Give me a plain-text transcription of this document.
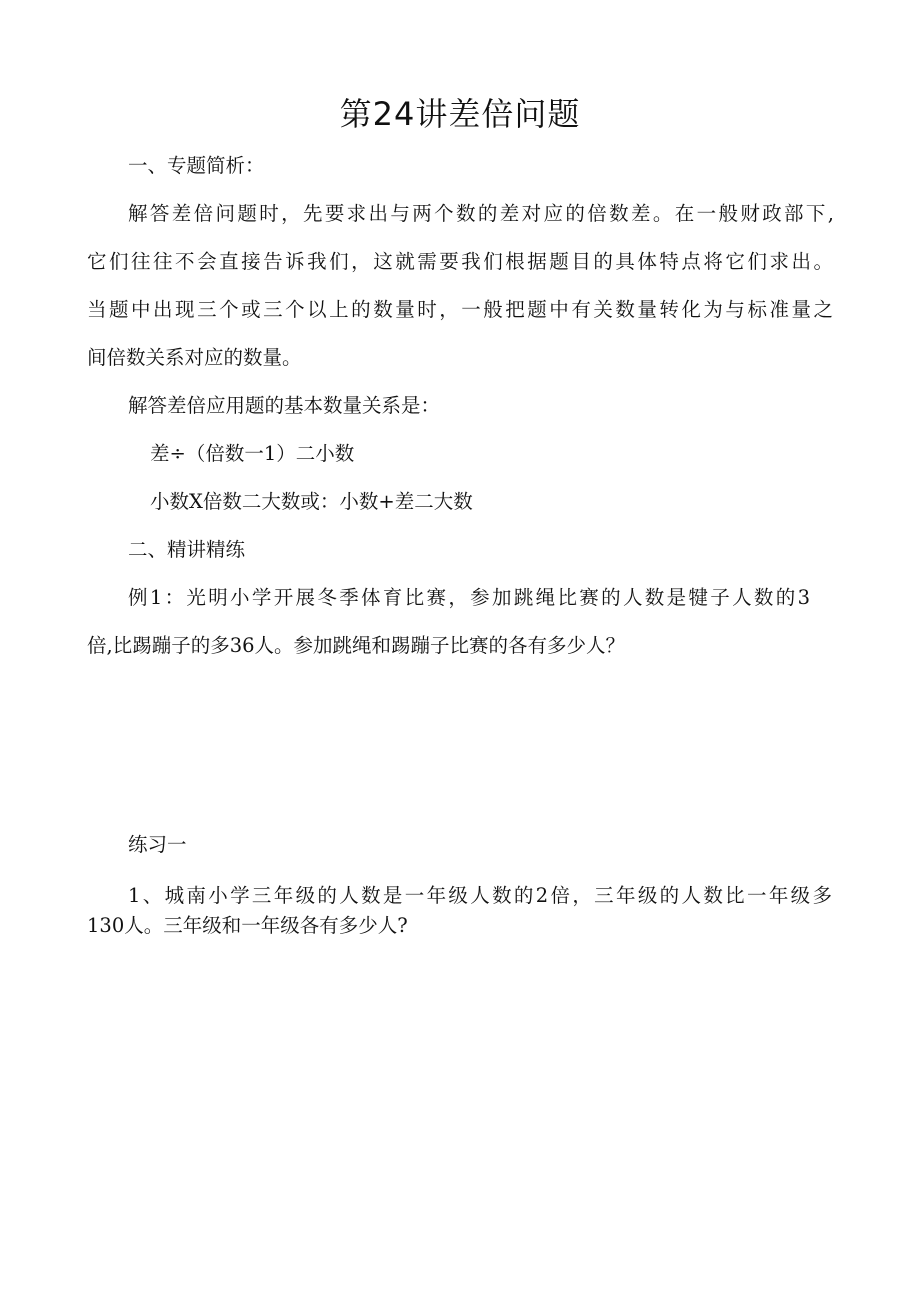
第24讲差倍问题
一、专题简析：
解答差倍问题时，先要求出与两个数的差对应的倍数差。在一般财政部下,
它们往往不会直接告诉我们，这就需要我们根据题目的具体特点将它们求出。
当题中出现三个或三个以上的数量时，一般把题中有关数量转化为与标准量之
间倍数关系对应的数量。
解答差倍应用题的基本数量关系是：
差÷（倍数一1）二小数
小数X倍数二大数或：小数+差二大数
二、精讲精练
例1：光明小学开展冬季体育比赛，参加跳绳比赛的人数是犍子人数的3
倍,比踢蹦子的多36人。参加跳绳和踢蹦子比赛的各有多少人？
练习一
1、城南小学三年级的人数是一年级人数的2倍，三年级的人数比一年级多
130人。三年级和一年级各有多少人?
